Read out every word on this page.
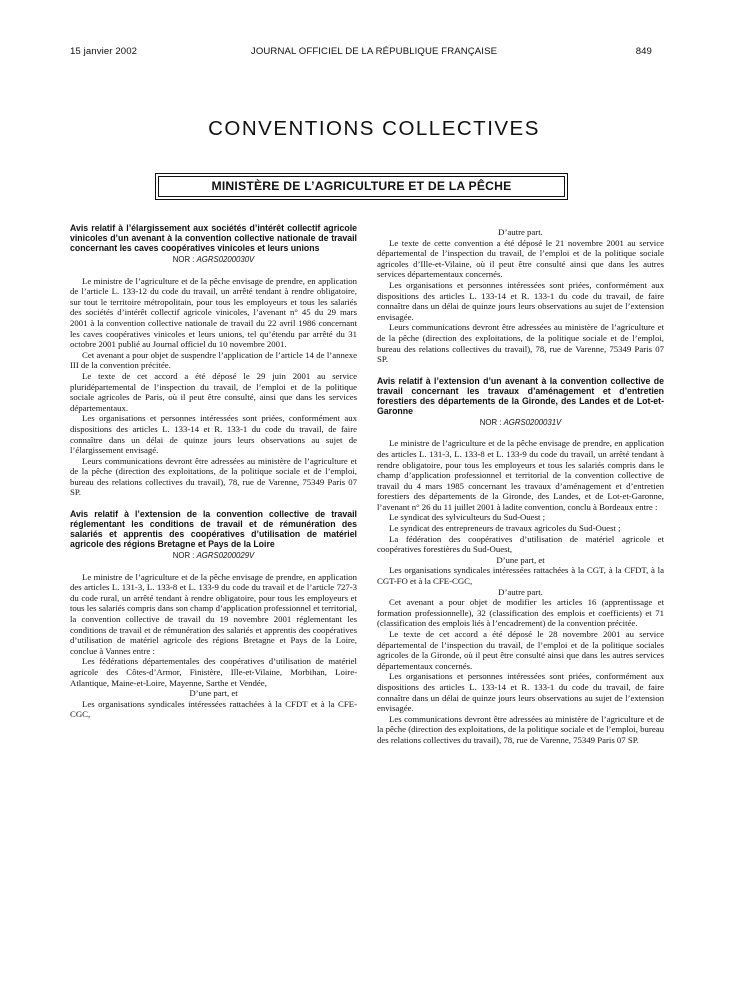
15 janvier 2002	JOURNAL OFFICIEL DE LA RÉPUBLIQUE FRANÇAISE	849
CONVENTIONS COLLECTIVES
MINISTÈRE DE L’AGRICULTURE ET DE LA PÊCHE
Avis relatif à l’élargissement aux sociétés d’intérêt collectif agricole vinicoles d’un avenant à la convention collective nationale de travail concernant les caves coopératives vinicoles et leurs unions
NOR : AGRS0200030V

Le ministre de l’agriculture et de la pêche envisage de prendre, en application de l’article L. 133-12 du code du travail, un arrêté tendant à rendre obligatoire, sur tout le territoire métropolitain, pour tous les employeurs et tous les salariés des sociétés d’intérêt collectif agricole vinicoles, l’avenant n° 45 du 29 mars 2001 à la convention collective nationale de travail du 22 avril 1986 concernant les caves coopératives vinicoles et leurs unions, tel qu’étendu par arrêté du 31 octobre 2001 publié au Journal officiel du 10 novembre 2001.

Cet avenant a pour objet de suspendre l’application de l’article 14 de l’annexe III de la convention précitée.

Le texte de cet accord a été déposé le 29 juin 2001 au service pluridépartemental de l’inspection du travail, de l’emploi et de la politique sociale agricoles de Paris, où il peut être consulté, ainsi que dans les services départementaux.

Les organisations et personnes intéressées sont priées, conformément aux dispositions des articles L. 133-14 et R. 133-1 du code du travail, de faire connaître dans un délai de quinze jours leurs observations au sujet de l’élargissement envisagé.

Leurs communications devront être adressées au ministère de l’agriculture et de la pêche (direction des exploitations, de la politique sociale et de l’emploi, bureau des relations collectives du travail), 78, rue de Varenne, 75349 Paris 07 SP.

Avis relatif à l’extension de la convention collective de travail réglementant les conditions de travail et de rémunération des salariés et apprentis des coopératives d’utilisation de matériel agricole des régions Bretagne et Pays de la Loire
NOR : AGRS0200029V

Le ministre de l’agriculture et de la pêche envisage de prendre, en application des articles L. 131-3, L. 133-8 et L. 133-9 du code du travail et de l’article 727-3 du code rural, un arrêté tendant à rendre obligatoire, pour tous les employeurs et tous les salariés compris dans son champ d’application professionnel et territorial, la convention collective de travail du 19 novembre 2001 réglementant les conditions de travail et de rémunération des salariés et apprentis des coopératives d’utilisation de matériel agricole des régions Bretagne et Pays de la Loire, conclue à Vannes entre :

Les fédérations départementales des coopératives d’utilisation de matériel agricole des Côtes-d’Armor, Finistère, Ille-et-Vilaine, Morbihan, Loire-Atlantique, Maine-et-Loire, Mayenne, Sarthe et Vendée,

D’une part, et

Les organisations syndicales intéressées rattachées à la CFDT et à la CFE-CGC,

D’autre part.

Le texte de cette convention a été déposé le 21 novembre 2001 au service départemental de l’inspection du travail, de l’emploi et de la politique sociale agricoles d’Ille-et-Vilaine, où il peut être consulté ainsi que dans les autres services départementaux concernés.

Les organisations et personnes intéressées sont priées, conformément aux dispositions des articles L. 133-14 et R. 133-1 du code du travail, de faire connaître dans un délai de quinze jours leurs observations au sujet de l’extension envisagée.

Leurs communications devront être adressées au ministère de l’agriculture et de la pêche (direction des exploitations, de la politique sociale et de l’emploi, bureau des relations collectives du travail), 78, rue de Varenne, 75349 Paris 07 SP.

Avis relatif à l’extension d’un avenant à la convention collective de travail concernant les travaux d’aménagement et d’entretien forestiers des départements de la Gironde, des Landes et de Lot-et-Garonne
NOR : AGRS0200031V

Le ministre de l’agriculture et de la pêche envisage de prendre, en application des articles L. 131-3, L. 133-8 et L. 133-9 du code du travail, un arrêté tendant à rendre obligatoire, pour tous les employeurs et tous les salariés compris dans le champ d’application professionnel et territorial de la convention collective de travail du 4 mars 1985 concernant les travaux d’aménagement et d’entretien forestiers des départements de la Gironde, des Landes, et de Lot-et-Garonne, l’avenant n° 26 du 11 juillet 2001 à ladite convention, conclu à Bordeaux entre :

Le syndicat des sylviculteurs du Sud-Ouest ;

Le syndicat des entrepreneurs de travaux agricoles du Sud-Ouest ;

La fédération des coopératives d’utilisation de matériel agricole et coopératives forestières du Sud-Ouest,

D’une part, et

Les organisations syndicales intéressées rattachées à la CGT, à la CFDT, à la CGT-FO et à la CFE-CGC,

D’autre part.

Cet avenant a pour objet de modifier les articles 16 (apprentissage et formation professionnelle), 32 (classification des emplois et coefficients) et 71 (classification des emplois liés à l’encadrement) de la convention précitée.

Le texte de cet accord a été déposé le 28 novembre 2001 au service départemental de l’inspection du travail, de l’emploi et de la politique sociales agricoles de la Gironde, où il peut être consulté ainsi que dans les autres services départementaux concernés.

Les organisations et personnes intéressées sont priées, conformément aux dispositions des articles L. 133-14 et R. 133-1 du code du travail, de faire connaître dans un délai de quinze jours leurs observations au sujet de l’extension envisagée.

Les communications devront être adressées au ministère de l’agriculture et de la pêche (direction des exploitations, de la politique sociale et de l’emploi, bureau des relations collectives du travail), 78, rue de Varenne, 75349 Paris 07 SP.
